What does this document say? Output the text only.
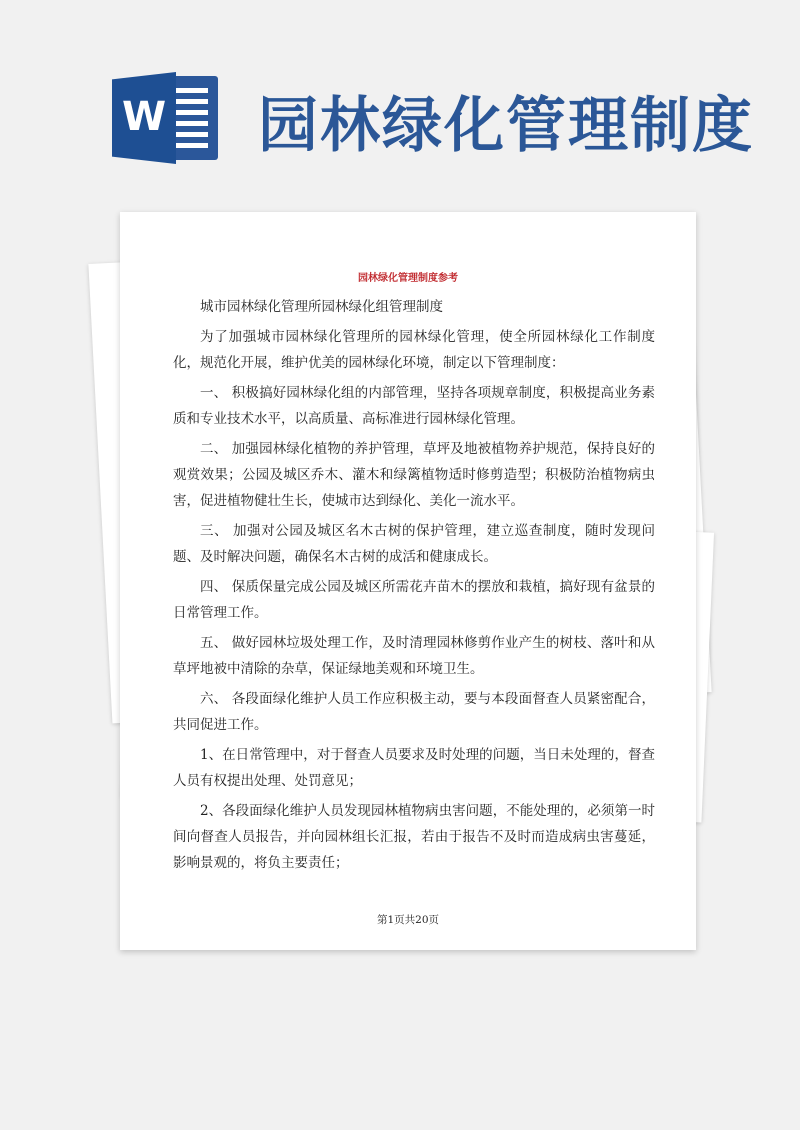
W 园林绿化管理制度
园林绿化管理制度参考

城市园林绿化管理所园林绿化组管理制度

为了加强城市园林绿化管理所的园林绿化管理，使全所园林绿化工作制度化，规范化开展，维护优美的园林绿化环境，制定以下管理制度：

一、 积极搞好园林绿化组的内部管理，坚持各项规章制度，积极提高业务素质和专业技术水平，以高质量、高标准进行园林绿化管理。

二、 加强园林绿化植物的养护管理，草坪及地被植物养护规范，保持良好的观赏效果；公园及城区乔木、灌木和绿篱植物适时修剪造型；积极防治植物病虫害，促进植物健壮生长，使城市达到绿化、美化一流水平。

三、 加强对公园及城区名木古树的保护管理，建立巡查制度，随时发现问题、及时解决问题，确保名木古树的成活和健康成长。

四、 保质保量完成公园及城区所需花卉苗木的摆放和栽植，搞好现有盆景的日常管理工作。

五、 做好园林垃圾处理工作，及时清理园林修剪作业产生的树枝、落叶和从草坪地被中清除的杂草，保证绿地美观和环境卫生。

六、 各段面绿化维护人员工作应积极主动，要与本段面督查人员紧密配合，共同促进工作。

1、在日常管理中，对于督查人员要求及时处理的问题，当日未处理的，督查人员有权提出处理、处罚意见；

2、各段面绿化维护人员发现园林植物病虫害问题，不能处理的，必须第一时间向督查人员报告，并向园林组长汇报，若由于报告不及时而造成病虫害蔓延，影响景观的，将负主要责任；

第1页共20页
